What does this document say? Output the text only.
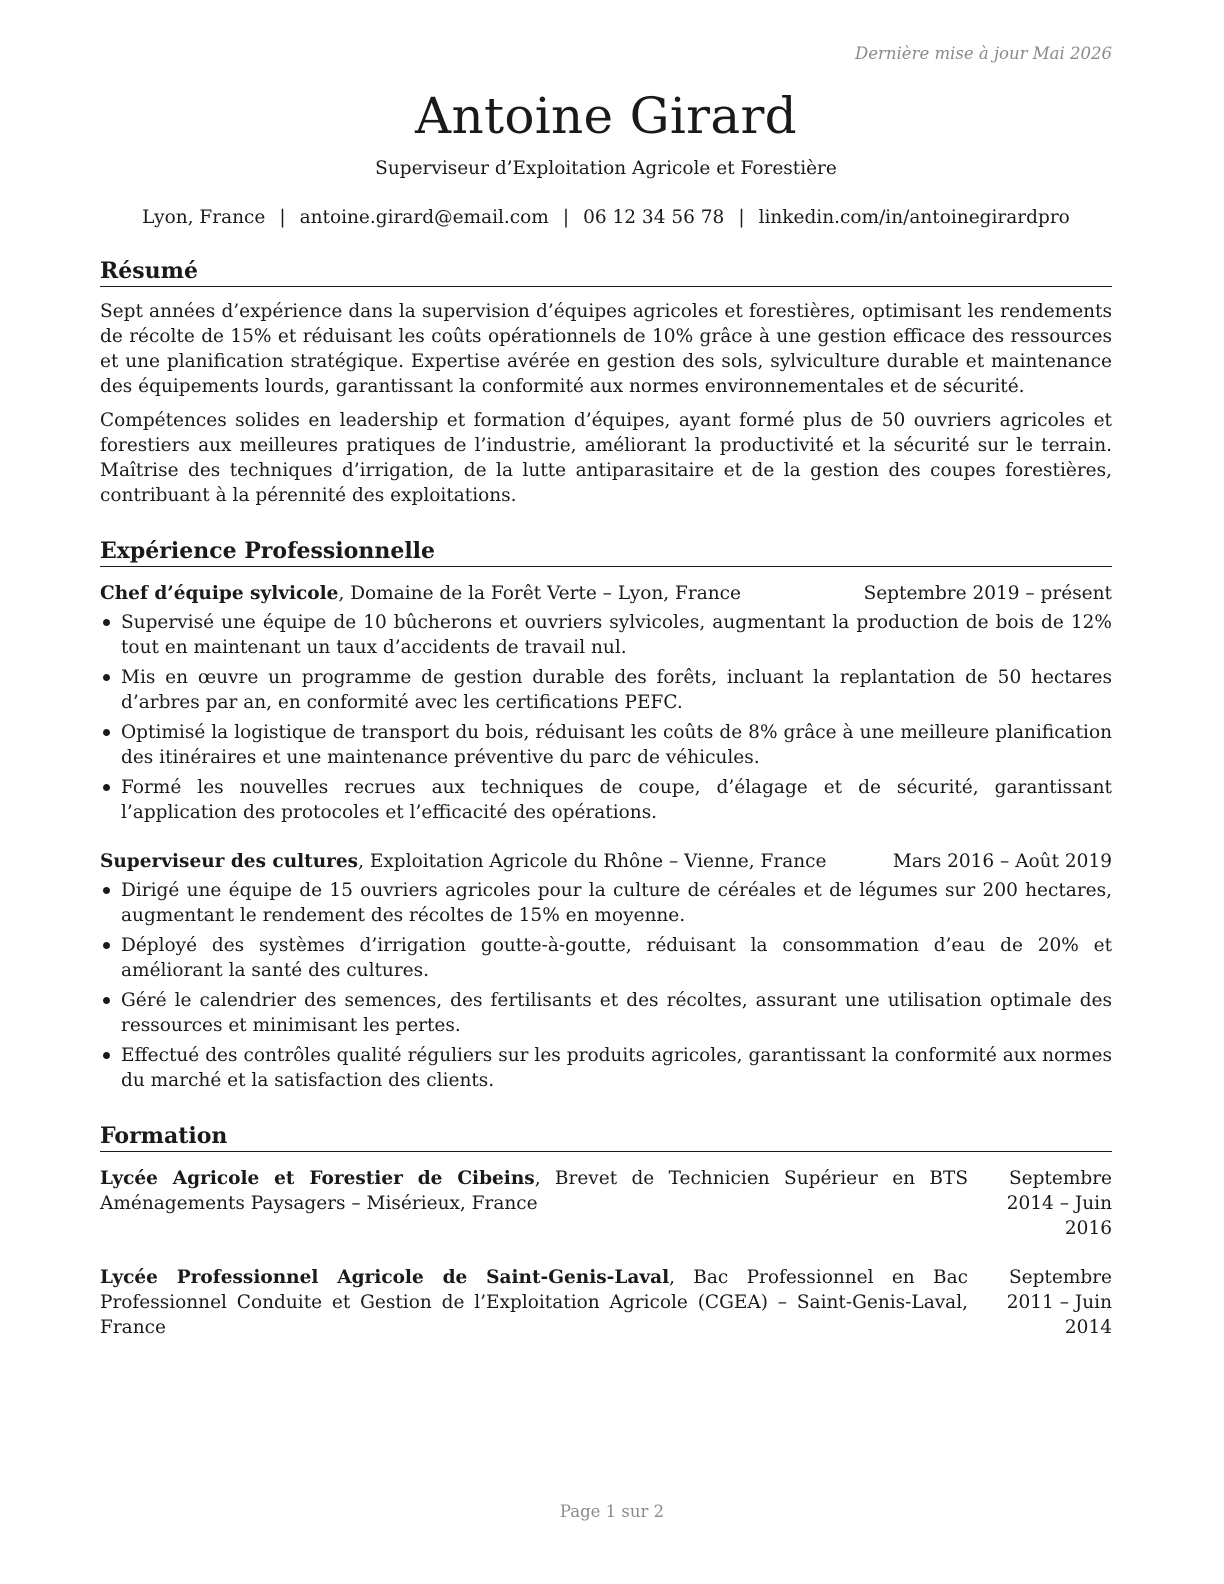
Dernière mise à jour Mai 2026
Antoine Girard
Superviseur d’Exploitation Agricole et Forestière
Lyon, France | antoine.girard@email.com | 06 12 34 56 78 | linkedin.com/in/antoinegirardpro
Résumé

Sept années d’expérience dans la supervision d’équipes agricoles et forestières, optimisant les rendements de récolte de 15% et réduisant les coûts opérationnels de 10% grâce à une gestion efficace des ressources et une planification stratégique. Expertise avérée en gestion des sols, sylviculture durable et maintenance des équipements lourds, garantissant la conformité aux normes environnementales et de sécurité.

Compétences solides en leadership et formation d’équipes, ayant formé plus de 50 ouvriers agricoles et forestiers aux meilleures pratiques de l’industrie, améliorant la productivité et la sécurité sur le terrain. Maîtrise des techniques d’irrigation, de la lutte antiparasitaire et de la gestion des coupes forestières, contribuant à la pérennité des exploitations.

Expérience Professionnelle
Chef d’équipe sylvicole, Domaine de la Forêt Verte – Lyon, France	Septembre 2019 – présent
Supervisé une équipe de 10 bûcherons et ouvriers sylvicoles, augmentant la production de bois de 12% tout en maintenant un taux d’accidents de travail nul.
Mis en œuvre un programme de gestion durable des forêts, incluant la replantation de 50 hectares d’arbres par an, en conformité avec les certifications PEFC.
Optimisé la logistique de transport du bois, réduisant les coûts de 8% grâce à une meilleure planification des itinéraires et une maintenance préventive du parc de véhicules.
Formé les nouvelles recrues aux techniques de coupe, d’élagage et de sécurité, garantissant l’application des protocoles et l’efficacité des opérations.
Superviseur des cultures, Exploitation Agricole du Rhône – Vienne, France	Mars 2016 – Août 2019
Dirigé une équipe de 15 ouvriers agricoles pour la culture de céréales et de légumes sur 200 hectares, augmentant le rendement des récoltes de 15% en moyenne.
Déployé des systèmes d’irrigation goutte-à-goutte, réduisant la consommation d’eau de 20% et améliorant la santé des cultures.
Géré le calendrier des semences, des fertilisants et des récoltes, assurant une utilisation optimale des ressources et minimisant les pertes.
Effectué des contrôles qualité réguliers sur les produits agricoles, garantissant la conformité aux normes du marché et la satisfaction des clients.
Formation
Lycée Agricole et Forestier de Cibeins, Brevet de Technicien Supérieur en BTS Aménagements Paysagers – Misérieux, France
Septembre 2014 – Juin 2016
Lycée Professionnel Agricole de Saint-Genis-Laval, Bac Professionnel en Bac Professionnel Conduite et Gestion de l’Exploitation Agricole (CGEA) – Saint-Genis-Laval, France
Septembre 2011 – Juin 2014
Page 1 sur 2
